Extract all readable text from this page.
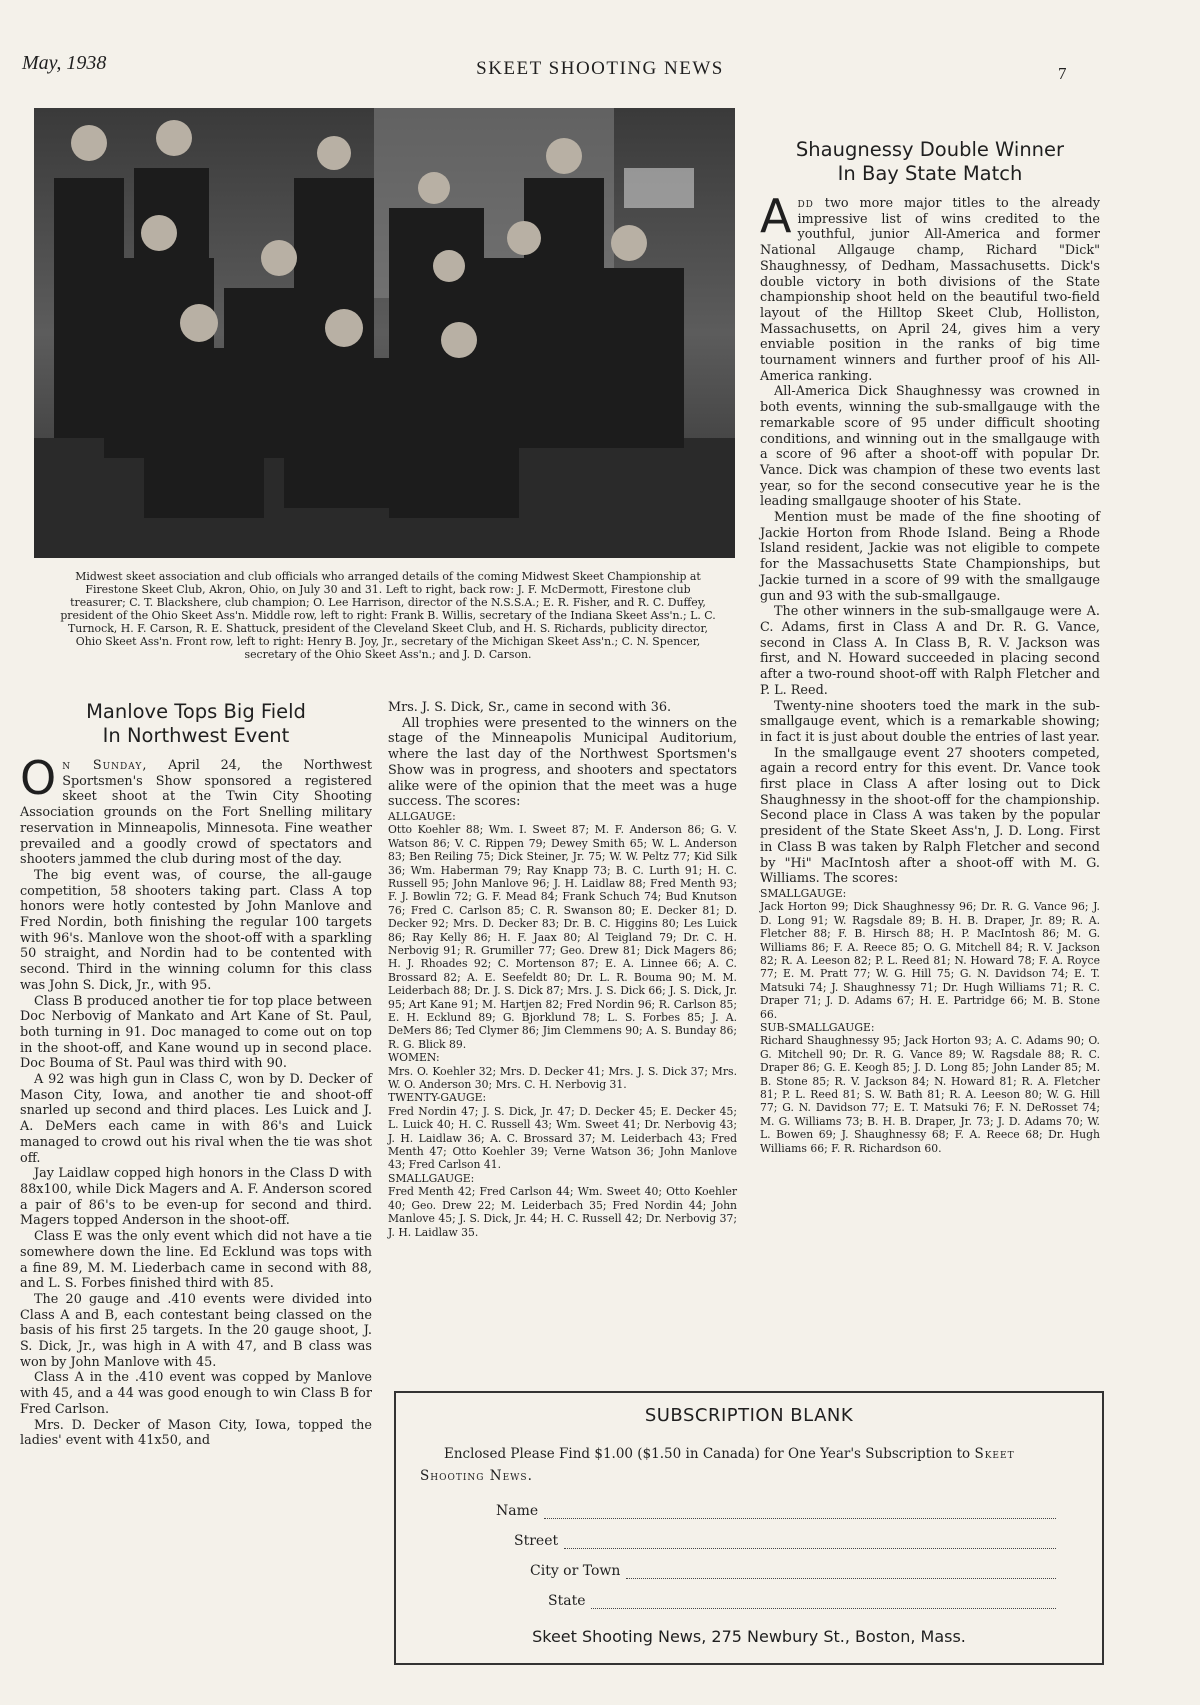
May, 1938	SKEET SHOOTING NEWS	7

Midwest skeet association and club officials who arranged details of the coming Midwest Skeet Championship at Firestone Skeet Club, Akron, Ohio, on July 30 and 31. Left to right, back row: J. F. McDermott, Firestone club treasurer; C. T. Blackshere, club champion; O. Lee Harrison, director of the N.S.S.A.; E. R. Fisher, and R. C. Duffey, president of the Ohio Skeet Ass'n. Middle row, left to right: Frank B. Willis, secretary of the Indiana Skeet Ass'n.; L. C. Turnock, H. F. Carson, R. E. Shattuck, president of the Cleveland Skeet Club, and H. S. Richards, publicity director, Ohio Skeet Ass'n. Front row, left to right: Henry B. Joy, Jr., secretary of the Michigan Skeet Ass'n.; C. N. Spencer, secretary of the Ohio Skeet Ass'n.; and J. D. Carson.

Manlove Tops Big Field
In Northwest Event

On Sunday, April 24, the Northwest Sportsmen's Show sponsored a registered skeet shoot at the Twin City Shooting Association grounds on the Fort Snelling military reservation in Minneapolis, Minnesota. Fine weather prevailed and a goodly crowd of spectators and shooters jammed the club during most of the day.

The big event was, of course, the all-gauge competition, 58 shooters taking part. Class A top honors were hotly contested by John Manlove and Fred Nordin, both finishing the regular 100 targets with 96's. Manlove won the shoot-off with a sparkling 50 straight, and Nordin had to be contented with second. Third in the winning column for this class was John S. Dick, Jr., with 95.

Class B produced another tie for top place between Doc Nerbovig of Mankato and Art Kane of St. Paul, both turning in 91. Doc managed to come out on top in the shoot-off, and Kane wound up in second place. Doc Bouma of St. Paul was third with 90.

A 92 was high gun in Class C, won by D. Decker of Mason City, Iowa, and another tie and shoot-off snarled up second and third places. Les Luick and J. A. DeMers each came in with 86's and Luick managed to crowd out his rival when the tie was shot off.

Jay Laidlaw copped high honors in the Class D with 88x100, while Dick Magers and A. F. Anderson scored a pair of 86's to be even-up for second and third. Magers topped Anderson in the shoot-off.

Class E was the only event which did not have a tie somewhere down the line. Ed Ecklund was tops with a fine 89, M. M. Liederbach came in second with 88, and L. S. Forbes finished third with 85.

The 20 gauge and .410 events were divided into Class A and B, each contestant being classed on the basis of his first 25 targets. In the 20 gauge shoot, J. S. Dick, Jr., was high in A with 47, and B class was won by John Manlove with 45.

Class A in the .410 event was copped by Manlove with 45, and a 44 was good enough to win Class B for Fred Carlson.

Mrs. D. Decker of Mason City, Iowa, topped the ladies' event with 41x50, and

Mrs. J. S. Dick, Sr., came in second with 36.

All trophies were presented to the winners on the stage of the Minneapolis Municipal Auditorium, where the last day of the Northwest Sportsmen's Show was in progress, and shooters and spectators alike were of the opinion that the meet was a huge success. The scores:

ALLGAUGE:
Otto Koehler 88; Wm. I. Sweet 87; M. F. Anderson 86; G. V. Watson 86; V. C. Rippen 79; Dewey Smith 65; W. L. Anderson 83; Ben Reiling 75; Dick Steiner, Jr. 75; W. W. Peltz 77; Kid Silk 36; Wm. Haberman 79; Ray Knapp 73; B. C. Lurth 91; H. C. Russell 95; John Manlove 96; J. H. Laidlaw 88; Fred Menth 93; F. J. Bowlin 72; G. F. Mead 84; Frank Schuch 74; Bud Knutson 76; Fred C. Carlson 85; C. R. Swanson 80; E. Decker 81; D. Decker 92; Mrs. D. Decker 83; Dr. B. C. Higgins 80; Les Luick 86; Ray Kelly 86; H. F. Jaax 80; Al Teigland 79; Dr. C. H. Nerbovig 91; R. Grumiller 77; Geo. Drew 81; Dick Magers 86; H. J. Rhoades 92; C. Mortenson 87; E. A. Linnee 66; A. C. Brossard 82; A. E. Seefeldt 80; Dr. L. R. Bouma 90; M. M. Leiderbach 88; Dr. J. S. Dick 87; Mrs. J. S. Dick 66; J. S. Dick, Jr. 95; Art Kane 91; M. Hartjen 82; Fred Nordin 96; R. Carlson 85; E. H. Ecklund 89; G. Bjorklund 78; L. S. Forbes 85; J. A. DeMers 86; Ted Clymer 86; Jim Clemmens 90; A. S. Bunday 86; R. G. Blick 89.
WOMEN:
Mrs. O. Koehler 32; Mrs. D. Decker 41; Mrs. J. S. Dick 37; Mrs. W. O. Anderson 30; Mrs. C. H. Nerbovig 31.
TWENTY-GAUGE:
Fred Nordin 47; J. S. Dick, Jr. 47; D. Decker 45; E. Decker 45; L. Luick 40; H. C. Russell 43; Wm. Sweet 41; Dr. Nerbovig 43; J. H. Laidlaw 36; A. C. Brossard 37; M. Leiderbach 43; Fred Menth 47; Otto Koehler 39; Verne Watson 36; John Manlove 43; Fred Carlson 41.
SMALLGAUGE:
Fred Menth 42; Fred Carlson 44; Wm. Sweet 40; Otto Koehler 40; Geo. Drew 22; M. Leiderbach 35; Fred Nordin 44; John Manlove 45; J. S. Dick, Jr. 44; H. C. Russell 42; Dr. Nerbovig 37; J. H. Laidlaw 35.
Shaugnessy Double Winner
In Bay State Match

Add two more major titles to the already impressive list of wins credited to the youthful, junior All-America and former National Allgauge champ, Richard "Dick" Shaughnessy, of Dedham, Massachusetts. Dick's double victory in both divisions of the State championship shoot held on the beautiful two-field layout of the Hilltop Skeet Club, Holliston, Massachusetts, on April 24, gives him a very enviable position in the ranks of big time tournament winners and further proof of his All-America ranking.

All-America Dick Shaughnessy was crowned in both events, winning the sub-smallgauge with the remarkable score of 95 under difficult shooting conditions, and winning out in the smallgauge with a score of 96 after a shoot-off with popular Dr. Vance. Dick was champion of these two events last year, so for the second consecutive year he is the leading smallgauge shooter of his State.

Mention must be made of the fine shooting of Jackie Horton from Rhode Island. Being a Rhode Island resident, Jackie was not eligible to compete for the Massachusetts State Championships, but Jackie turned in a score of 99 with the smallgauge gun and 93 with the sub-smallgauge.

The other winners in the sub-smallgauge were A. C. Adams, first in Class A and Dr. R. G. Vance, second in Class A. In Class B, R. V. Jackson was first, and N. Howard succeeded in placing second after a two-round shoot-off with Ralph Fletcher and P. L. Reed.

Twenty-nine shooters toed the mark in the sub-smallgauge event, which is a remarkable showing; in fact it is just about double the entries of last year.

In the smallgauge event 27 shooters competed, again a record entry for this event. Dr. Vance took first place in Class A after losing out to Dick Shaughnessy in the shoot-off for the championship. Second place in Class A was taken by the popular president of the State Skeet Ass'n, J. D. Long. First in Class B was taken by Ralph Fletcher and second by "Hi" MacIntosh after a shoot-off with M. G. Williams. The scores:

SMALLGAUGE:
Jack Horton 99; Dick Shaughnessy 96; Dr. R. G. Vance 96; J. D. Long 91; W. Ragsdale 89; B. H. B. Draper, Jr. 89; R. A. Fletcher 88; F. B. Hirsch 88; H. P. MacIntosh 86; M. G. Williams 86; F. A. Reece 85; O. G. Mitchell 84; R. V. Jackson 82; R. A. Leeson 82; P. L. Reed 81; N. Howard 78; F. A. Royce 77; E. M. Pratt 77; W. G. Hill 75; G. N. Davidson 74; E. T. Matsuki 74; J. Shaughnessy 71; Dr. Hugh Williams 71; R. C. Draper 71; J. D. Adams 67; H. E. Partridge 66; M. B. Stone 66.
SUB-SMALLGAUGE:
Richard Shaughnessy 95; Jack Horton 93; A. C. Adams 90; O. G. Mitchell 90; Dr. R. G. Vance 89; W. Ragsdale 88; R. C. Draper 86; G. E. Keogh 85; J. D. Long 85; John Lander 85; M. B. Stone 85; R. V. Jackson 84; N. Howard 81; R. A. Fletcher 81; P. L. Reed 81; S. W. Bath 81; R. A. Leeson 80; W. G. Hill 77; G. N. Davidson 77; E. T. Matsuki 76; F. N. DeRosset 74; M. G. Williams 73; B. H. B. Draper, Jr. 73; J. D. Adams 70; W. L. Bowen 69; J. Shaughnessy 68; F. A. Reece 68; Dr. Hugh Williams 66; F. R. Richardson 60.
SUBSCRIPTION BLANK
Enclosed Please Find $1.00 ($1.50 in Canada) for One Year's Subscription to Skeet Shooting News.
Name
Street
City or Town
State
Skeet Shooting News, 275 Newbury St., Boston, Mass.
